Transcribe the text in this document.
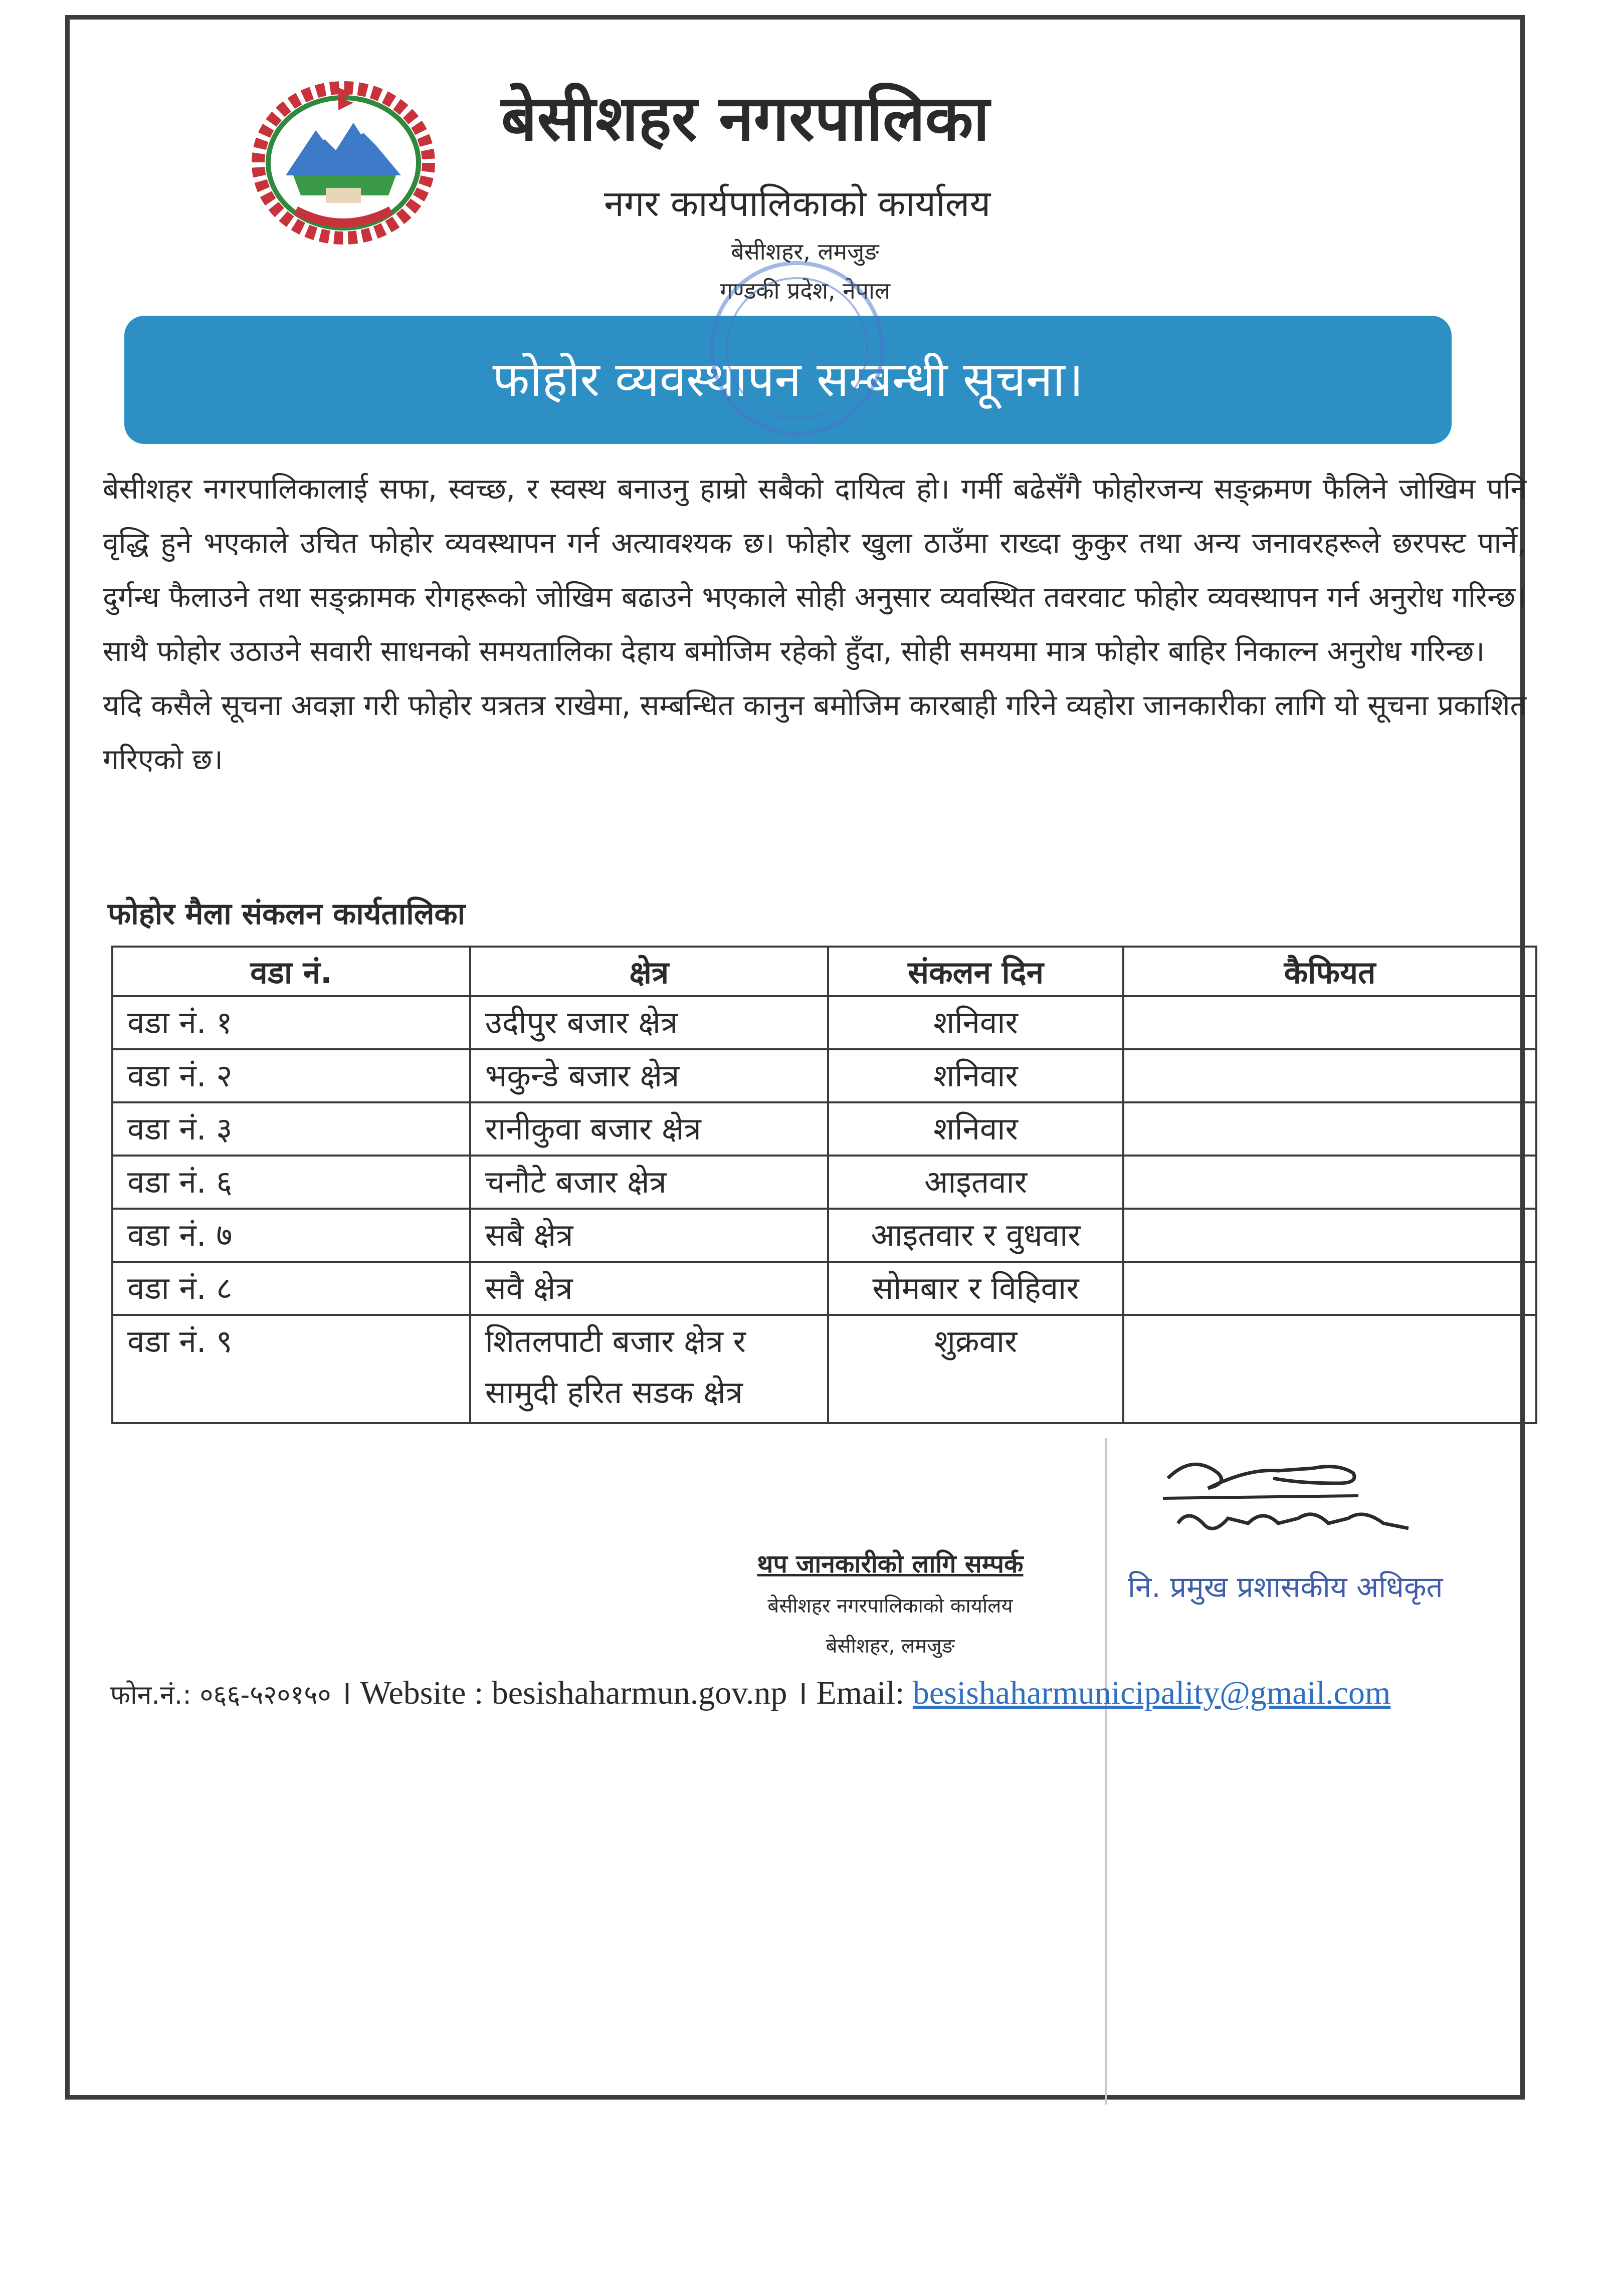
बेसीशहर नगरपालिका
नगर कार्यपालिकाको कार्यालय
बेसीशहर, लमजुङ
गण्डकी प्रदेश, नेपाल
फोहोर व्यवस्थापन सम्बन्धी सूचना।

बेसीशहर नगरपालिकालाई सफा, स्वच्छ, र स्वस्थ बनाउनु हाम्रो सबैको दायित्व हो। गर्मी बढेसँगै फोहोरजन्य सङ्क्रमण फैलिने जोखिम पनि वृद्धि हुने भएकाले उचित फोहोर व्यवस्थापन गर्न अत्यावश्यक छ। फोहोर खुला ठाउँमा राख्दा कुकुर तथा अन्य जनावरहरूले छरपस्ट पार्ने, दुर्गन्ध फैलाउने तथा सङ्क्रामक रोगहरूको जोखिम बढाउने भएकाले सोही अनुसार व्यवस्थित तवरवाट फोहोर व्यवस्थापन गर्न अनुरोध गरिन्छ। साथै फोहोर उठाउने सवारी साधनको समयतालिका देहाय बमोजिम रहेको हुँदा, सोही समयमा मात्र फोहोर बाहिर निकाल्न अनुरोध गरिन्छ।

यदि कसैले सूचना अवज्ञा गरी फोहोर यत्रतत्र राखेमा, सम्बन्धित कानुन बमोजिम कारबाही गरिने व्यहोरा जानकारीका लागि यो सूचना प्रकाशित गरिएको छ।

फोहोर मैला संकलन कार्यतालिका
वडा नं.	क्षेत्र	संकलन दिन	कैफियत
वडा नं. १	उदीपुर बजार क्षेत्र	शनिवार	
वडा नं. २	भकुन्डे बजार क्षेत्र	शनिवार	
वडा नं. ३	रानीकुवा बजार क्षेत्र	शनिवार	
वडा नं. ६	चनौटे बजार क्षेत्र	आइतवार	
वडा नं. ७	सबै क्षेत्र	आइतवार र वुधवार	
वडा नं. ८	सवै क्षेत्र	सोमबार र विहिवार	
वडा नं. ९	शितलपाटी बजार क्षेत्र र सामुदी हरित सडक क्षेत्र	शुक्रवार	
नि. प्रमुख प्रशासकीय अधिकृत
थप जानकारीको लागि सम्पर्क
बेसीशहर नगरपालिकाको कार्यालय
बेसीशहर, लमजुङ
फोन.नं.: ०६६-५२०१५० । Website : besishaharmun.gov.np । Email: besishaharmunicipality@gmail.com
